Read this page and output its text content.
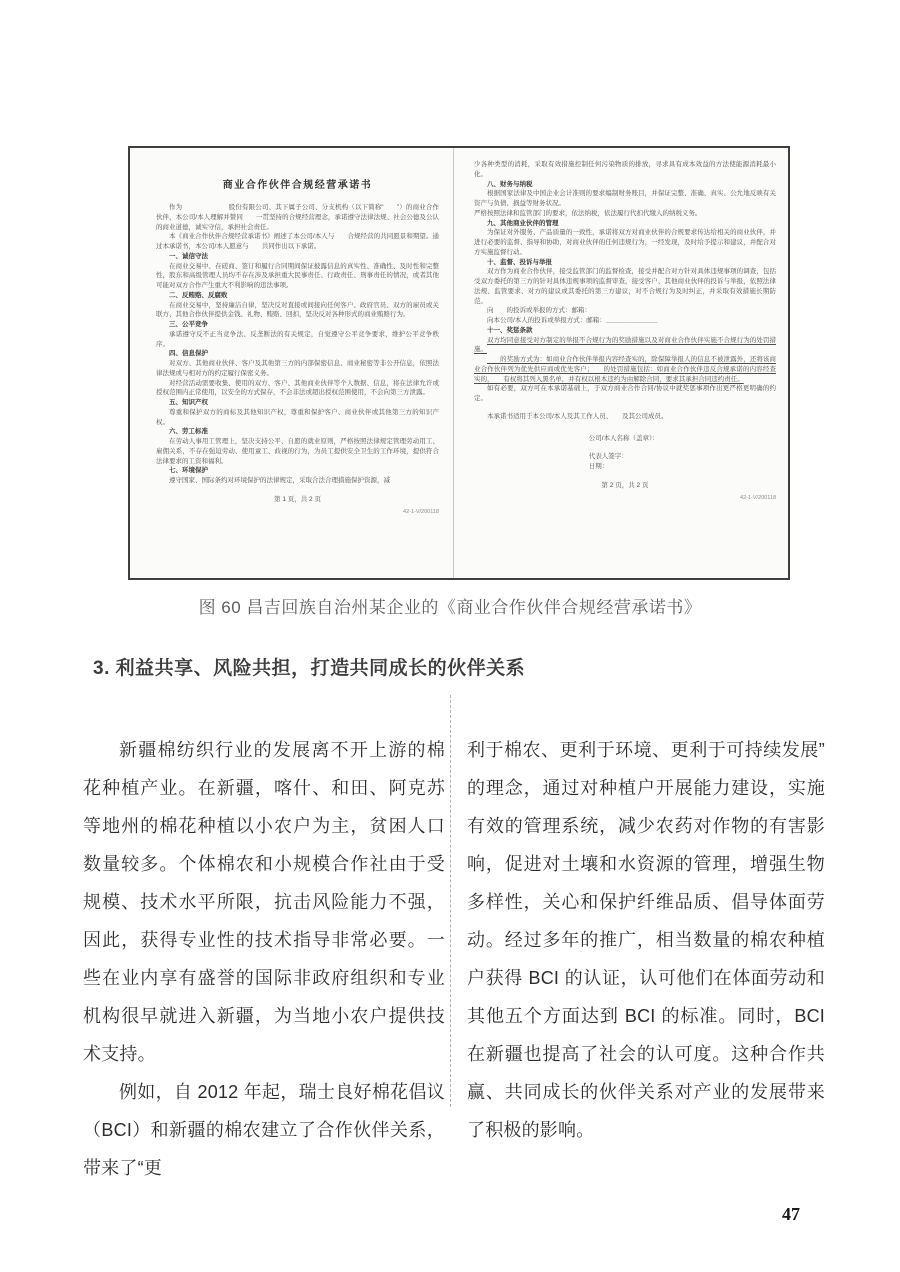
商业合作伙伴合规经营承诺书

作为　　　　　　　股份有限公司、其下属子公司、分支机构（以下简称“　　”）的商业合作伙伴，本公司/本人理解并赞同　　一贯坚持的合规经营理念，承诺遵守法律法规、社会公德及公认的商业道德，诚实守信，承担社会责任。

本《商业合作伙伴合规经营承诺书》阐述了本公司/本人与　　合规经营的共同愿景和期望。通过本承诺书，本公司/本人愿意与　　共同作出以下承诺。

一、诚信守法

在商业交易中、在磋商、签订和履行合同期间保证披露信息的真实性、准确性、及时性和完整性，股东和高级管理人员均不存在涉及承担重大民事责任、行政责任、刑事责任的情况，或者其他可能对双方合作产生重大不利影响的违法事项。

二、反贿赂、反腐败

在商业交易中，坚持廉洁自律，坚决反对直接或间接向任何客户、政府官员、双方的雇员或关联方、其他合作伙伴提供金钱、礼物、贿赂、回扣，坚决反对各种形式的商业贿赂行为。

三、公平竞争

承诺遵守反不正当竞争法、反垄断法的有关规定，自觉遵守公平竞争要求，维护公平竞争秩序。

四、信息保护

对双方、其他商业伙伴、客户及其他第三方的内部保密信息、商业秘密等非公开信息，依照法律法规或与相对方的约定履行保密义务。

对经营活动需要收集、使用的双方、客户、其他商业伙伴等个人数据、信息，将在法律允许或授权范围内正常使用，以安全的方式保存，不会非法或超出授权范围使用，不会向第三方泄露。

五、知识产权

尊重和保护双方的商标及其他知识产权，尊重和保护客户、商业伙伴或其他第三方的知识产权。

六、劳工标准

在劳动人事用工管理上，坚决支持公平、自愿的就业原则，严格按照法律规定管理劳动用工、雇佣关系，不存在强迫劳动、使用童工、歧视的行为，为员工提供安全卫生的工作环境，提供符合法律要求的工资和福利。

七、环境保护

遵守国家、国际条约对环境保护的法律规定，采取合法合理措施保护资源，减

第 1 页，共 2 页

42-1-V/200118

少各种类型的消耗，采取有效措施控制任何污染物质的排放，寻求具有成本效益的方法使能源消耗最小化。

八、财务与纳税

根据国家法律及中国企业会计准则的要求编制财务账目，并保证完整、准确、真实、公允地反映有关资产与负债、损益等财务状况。

严格按照法律和监管部门的要求，依法纳税，依法履行代扣代缴人的纳税义务。

九、其他商业伙伴的管理

为保证对外服务、产品质量的一致性，承诺将双方对商业伙伴的合规要求传达给相关的商业伙伴，并进行必要的监督、指导和协助，对商业伙伴的任何违规行为，一经发现，及时给予提示和建议，并配合对方实施监督行动。

十、监督、投诉与举报

双方作为商业合作伙伴，接受监管部门的监督检查，接受并配合对方针对具体违规事项的调查，包括受双方委托的第三方的针对具体违规事项的监督审查，接受客户、其他商业伙伴的投诉与举报，依照法律法规、监管要求、对方的建议或其委托的第三方建议，对不合规行为及时纠正，并采取有效措施长期防范。

向　　的投诉或举报的方式：邮箱：　　　　　　

向本公司/本人的投诉或举报方式：邮箱：＿＿＿＿＿＿＿＿

十一、奖惩条款

双方均同意接受对方制定的举报不合规行为的奖励措施以及对商业合作伙伴实施不合规行为的处罚措施。

　　的奖励方式为：如商业合作伙伴举报内容经查实的，除保障举报人的信息不被泄露外，还将该商业合作伙伴列为优先供应商或优先客户；　　的处罚措施包括：如商业合作伙伴违反合规承诺的内容经查实的，　　有权将其列入黑名单，并有权以根本违约为由解除合同，要求其承担合同违约责任。

如有必要，双方可在本承诺基础上，于双方商业合作合同/协议中就奖惩事项作出更严格更明确的约定。

本承诺书适用于本公司/本人及其工作人员、　　及其公司成员。

公司/本人名称（盖章）：

代表人签字：

日期：

第 2 页，共 2 页

42-1-V/200118

图 60 昌吉回族自治州某企业的《商业合作伙伴合规经营承诺书》
3. 利益共享、风险共担，打造共同成长的伙伴关系

新疆棉纺织行业的发展离不开上游的棉花种植产业。在新疆，喀什、和田、阿克苏等地州的棉花种植以小农户为主，贫困人口数量较多。个体棉农和小规模合作社由于受规模、技术水平所限，抗击风险能力不强，因此，获得专业性的技术指导非常必要。一些在业内享有盛誉的国际非政府组织和专业机构很早就进入新疆，为当地小农户提供技术支持。

例如，自 2012 年起，瑞士良好棉花倡议（BCI）和新疆的棉农建立了合作伙伴关系，带来了“更

利于棉农、更利于环境、更利于可持续发展”的理念，通过对种植户开展能力建设，实施有效的管理系统，减少农药对作物的有害影响，促进对土壤和水资源的管理，增强生物多样性，关心和保护纤维品质、倡导体面劳动。经过多年的推广，相当数量的棉农种植户获得 BCI 的认证，认可他们在体面劳动和其他五个方面达到 BCI 的标准。同时，BCI 在新疆也提高了社会的认可度。这种合作共赢、共同成长的伙伴关系对产业的发展带来了积极的影响。

47
